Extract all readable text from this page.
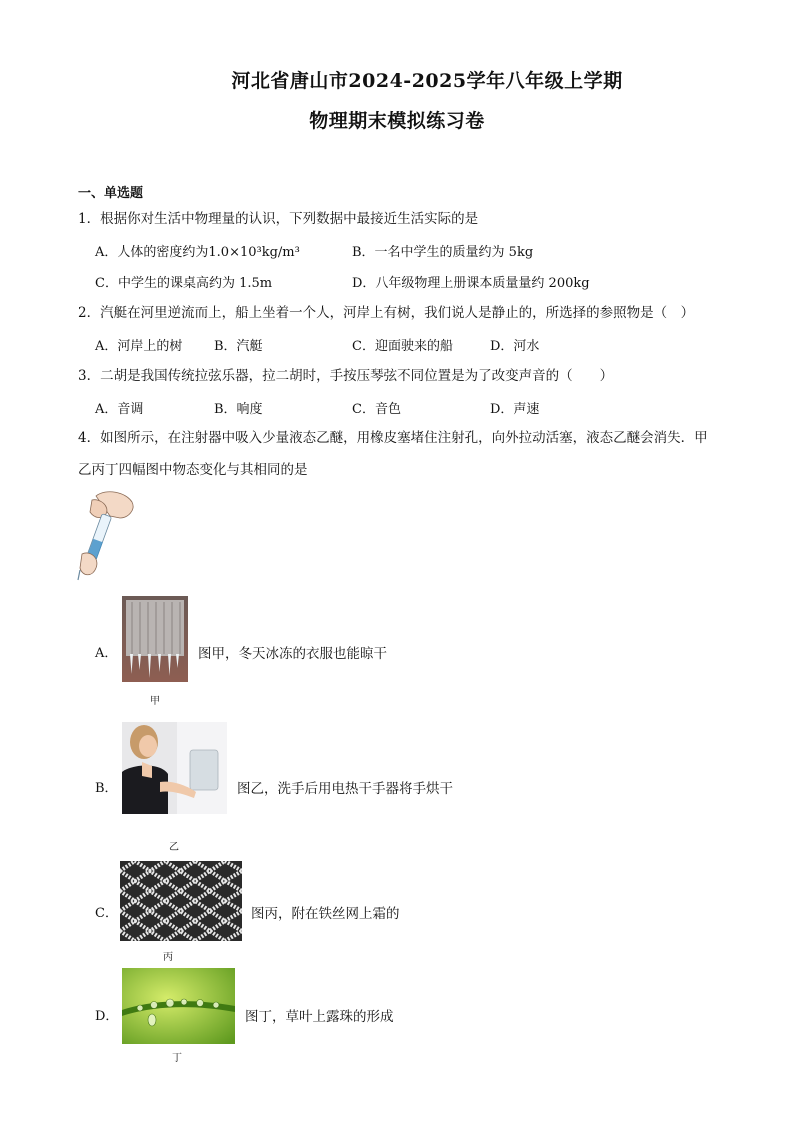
河北省唐山市2024-2025学年八年级上学期
物理期末模拟练习卷
一、单选题
1．根据你对生活中物理量的认识，下列数据中最接近生活实际的是
A．人体的密度约为1.0×10³kg/m³	B．一名中学生的质量约为 5kg
C．中学生的课桌高约为 1.5m	D．八年级物理上册课本质量量约 200kg
2．汽艇在河里逆流而上，船上坐着一个人，河岸上有树，我们说人是静止的，所选择的参照物是（　）
A．河岸上的树 B．汽艇	C．迎面驶来的船	D．河水
3．二胡是我国传统拉弦乐器，拉二胡时，手按压琴弦不同位置是为了改变声音的（　　）
A．音调	B．响度	C．音色	D．声速
4．如图所示，在注射器中吸入少量液态乙醚，用橡皮塞堵住注射孔，向外拉动活塞，液态乙醚会消失．甲
乙丙丁四幅图中物态变化与其相同的是
A．
甲
图甲，冬天冰冻的衣服也能晾干
B．
乙
图乙，洗手后用电热干手器将手烘干
C．
丙
图丙，附在铁丝网上霜的
D．
丁
图丁，草叶上露珠的形成
